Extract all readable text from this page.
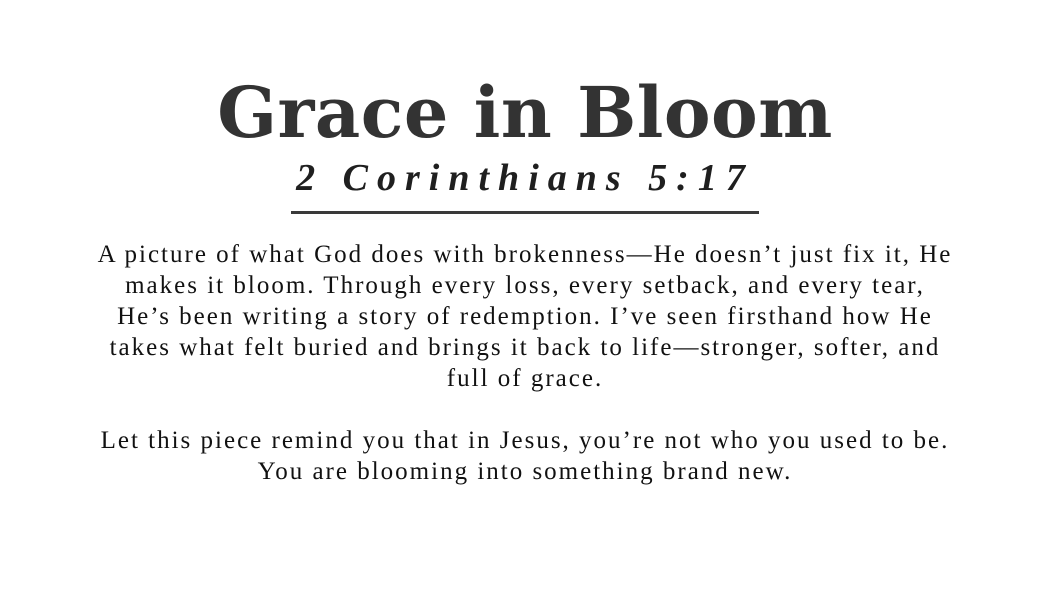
Grace in Bloom
2 Corinthians 5:17

A picture of what God does with brokenness—He doesn’t just fix it, He makes it bloom. Through every loss, every setback, and every tear, He’s been writing a story of redemption. I’ve seen firsthand how He takes what felt buried and brings it back to life—stronger, softer, and full of grace.

Let this piece remind you that in Jesus, you’re not who you used to be. You are blooming into something brand new.
